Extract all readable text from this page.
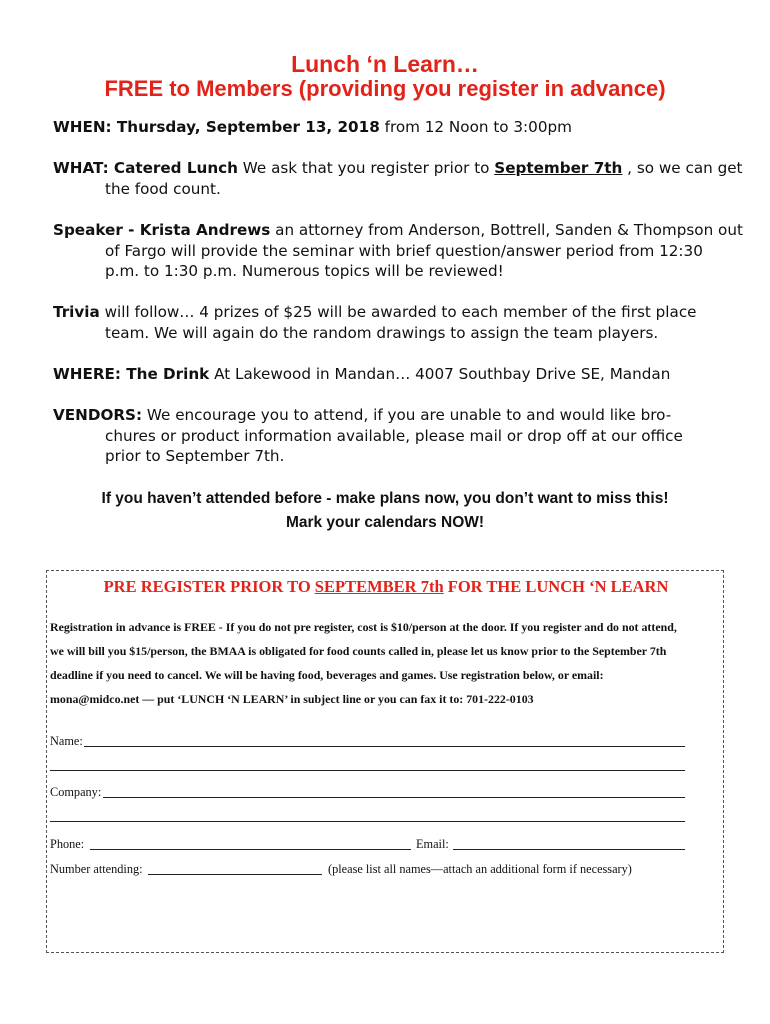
Lunch ‘n Learn…
FREE to Members (providing you register in advance)
WHEN: Thursday, September 13, 2018 from 12 Noon to 3:00pm
WHAT: Catered Lunch We ask that you register prior to September 7th , so we can get
the food count.
Speaker - Krista Andrews an attorney from Anderson, Bottrell, Sanden & Thompson out
of Fargo will provide the seminar with brief question/answer period from 12:30
p.m. to 1:30 p.m. Numerous topics will be reviewed!
Trivia will follow… 4 prizes of $25 will be awarded to each member of the first place
team. We will again do the random drawings to assign the team players.
WHERE: The Drink At Lakewood in Mandan… 4007 Southbay Drive SE, Mandan
VENDORS: We encourage you to attend, if you are unable to and would like bro-
chures or product information available, please mail or drop off at our office
prior to September 7th.
If you haven’t attended before - make plans now, you don’t want to miss this!
Mark your calendars NOW!
PRE REGISTER PRIOR TO SEPTEMBER 7th FOR THE LUNCH ‘N LEARN
Registration in advance is FREE - If you do not pre register, cost is $10/person at the door. If you register and do not attend,
we will bill you $15/person, the BMAA is obligated for food counts called in, please let us know prior to the September 7th
deadline if you need to cancel. We will be having food, beverages and games. Use registration below, or email:
mona@midco.net — put ‘LUNCH ‘N LEARN’ in subject line or you can fax it to: 701-222-0103
Name:
Company:
Phone:	Email:
Number attending:	(please list all names—attach an additional form if necessary)
